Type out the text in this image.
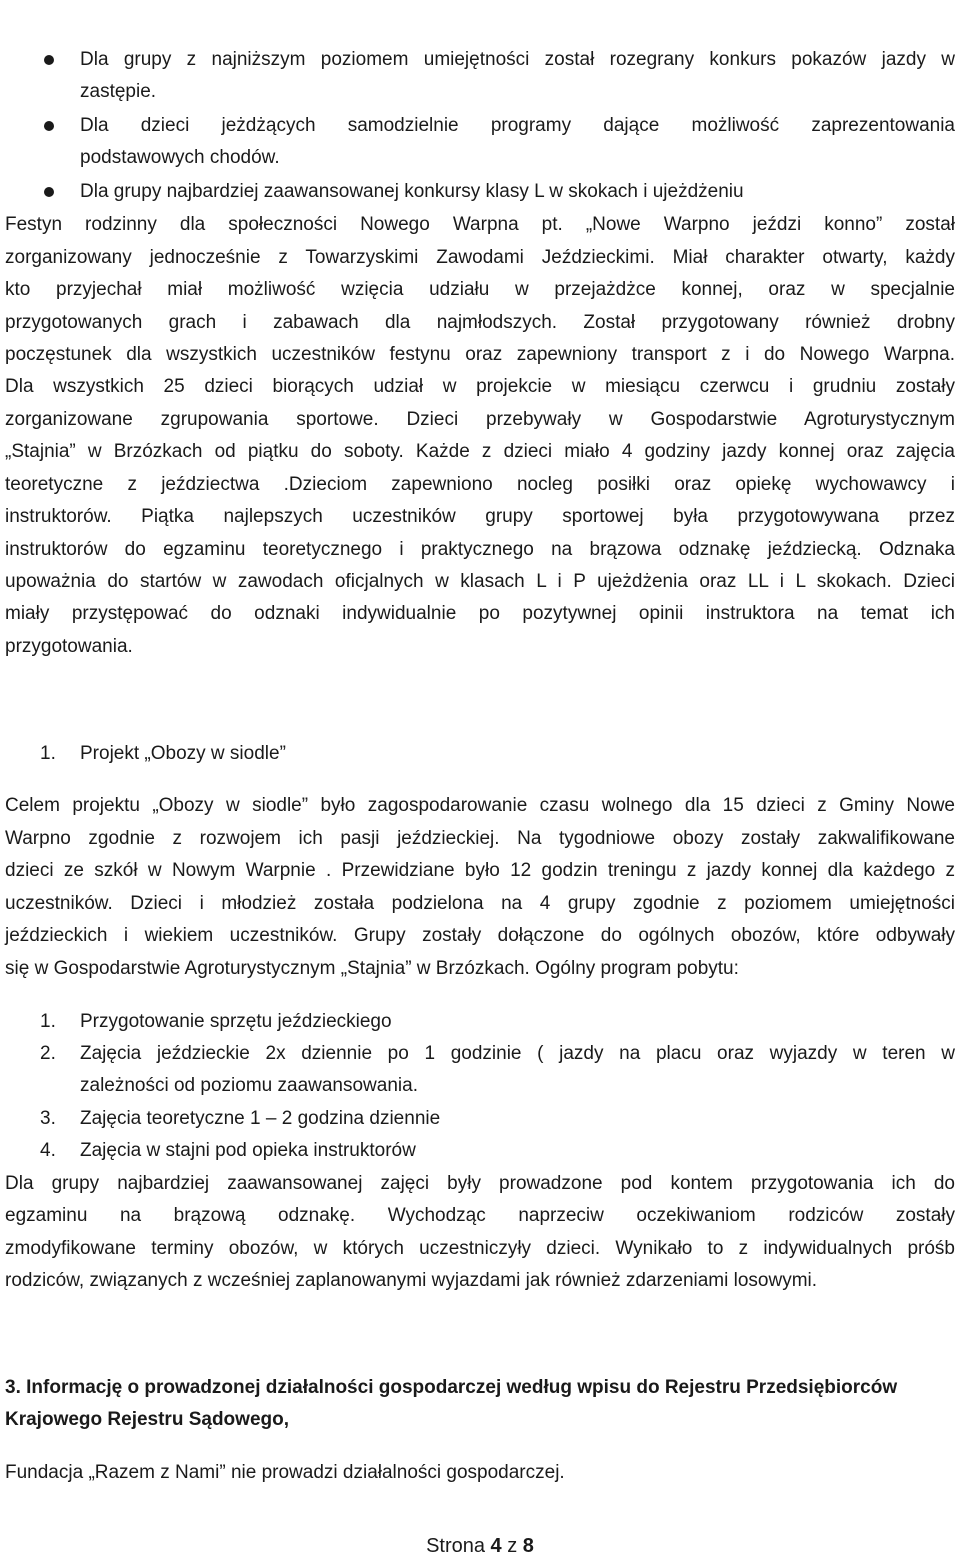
Dla grupy z najniższym poziomem umiejętności został rozegrany konkurs pokazów jazdy w
zastępie.
Dla dzieci jeżdżących samodzielnie programy dające możliwość zaprezentowania
podstawowych chodów.
Dla grupy najbardziej zaawansowanej konkursy klasy L w skokach i ujeżdżeniu
Festyn rodzinny dla społeczności Nowego Warpna pt. „Nowe Warpno jeździ konno” został
zorganizowany jednocześnie z Towarzyskimi Zawodami Jeździeckimi. Miał charakter otwarty, każdy
kto przyjechał miał możliwość wzięcia udziału w przejażdżce konnej, oraz w specjalnie
przygotowanych grach i zabawach dla najmłodszych. Został przygotowany również drobny
poczęstunek dla wszystkich uczestników festynu oraz zapewniony transport z i do Nowego Warpna.
Dla wszystkich 25 dzieci biorących udział w projekcie w miesiącu czerwcu i grudniu zostały
zorganizowane zgrupowania sportowe. Dzieci przebywały w Gospodarstwie Agroturystycznym
„Stajnia” w Brzózkach od piątku do soboty. Każde z dzieci miało 4 godziny jazdy konnej oraz zajęcia
teoretyczne z jeździectwa .Dzieciom zapewniono nocleg posiłki oraz opiekę wychowawcy i
instruktorów. Piątka najlepszych uczestników grupy sportowej była przygotowywana przez
instruktorów do egzaminu teoretycznego i praktycznego na brązowa odznakę jeździecką. Odznaka
upoważnia do startów w zawodach oficjalnych w klasach L i P ujeżdżenia oraz LL i L skokach. Dzieci
miały przystępować do odznaki indywidualnie po pozytywnej opinii instruktora na temat ich
przygotowania.
1. Projekt „Obozy w siodle”
Celem projektu „Obozy w siodle” było zagospodarowanie czasu wolnego dla 15 dzieci z Gminy Nowe
Warpno zgodnie z rozwojem ich pasji jeździeckiej. Na tygodniowe obozy zostały zakwalifikowane
dzieci ze szkół w Nowym Warpnie . Przewidziane było 12 godzin treningu z jazdy konnej dla każdego z
uczestników. Dzieci i młodzież została podzielona na 4 grupy zgodnie z poziomem umiejętności
jeździeckich i wiekiem uczestników. Grupy zostały dołączone do ogólnych obozów, które odbywały
się w Gospodarstwie Agroturystycznym „Stajnia” w Brzózkach. Ogólny program pobytu:
1. Przygotowanie sprzętu jeździeckiego
2. Zajęcia jeździeckie 2x dziennie po 1 godzinie ( jazdy na placu oraz wyjazdy w teren w
zależności od poziomu zaawansowania.
3. Zajęcia teoretyczne 1 – 2 godzina dziennie
4. Zajęcia w stajni pod opieka instruktorów
Dla grupy najbardziej zaawansowanej zajęci były prowadzone pod kontem przygotowania ich do
egzaminu na brązową odznakę. Wychodząc naprzeciw oczekiwaniom rodziców zostały
zmodyfikowane terminy obozów, w których uczestniczyły dzieci. Wynikało to z indywidualnych próśb
rodziców, związanych z wcześniej zaplanowanymi wyjazdami jak również zdarzeniami losowymi.
3. Informację o prowadzonej działalności gospodarczej według wpisu do Rejestru Przedsiębiorców
Krajowego Rejestru Sądowego,
Fundacja „Razem z Nami” nie prowadzi działalności gospodarczej.
Strona 4 z 8
